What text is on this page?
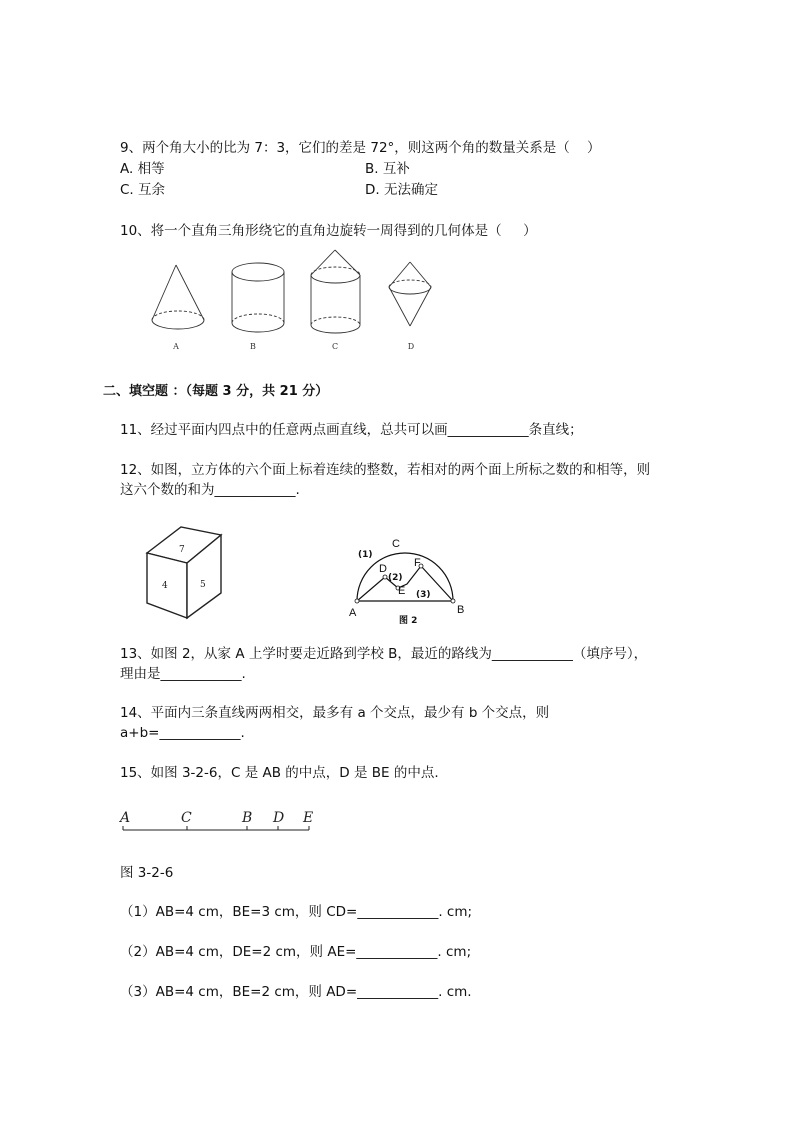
9、两个角大小的比为 7：3，它们的差是 72°，则这两个角的数量关系是（    ）
A. 相等	B. 互补
C. 互余	D. 无法确定
10、将一个直角三角形绕它的直角边旋转一周得到的几何体是（     ）
A	B	C	D
二、填空题 ：（每题 3 分，共 21 分）
11、经过平面内四点中的任意两点画直线，总共可以画____________条直线；
12、如图，立方体的六个面上标着连续的整数，若相对的两个面上所标之数的和相等，则
这六个数的和为____________.
7
4	5
A	B
C
D
E
F
(1)
(2)
(3)
图 2
13、如图 2，从家 A 上学时要走近路到学校 B，最近的路线为____________（填序号），
理由是____________.
14、平面内三条直线两两相交，最多有 a 个交点，最少有 b 个交点，则
a+b=____________.
15、如图 3-2-6，C 是 AB 的中点，D 是 BE 的中点.
A	C	B D E
图 3-2-6
（1）AB=4 cm，BE=3 cm，则 CD=____________. cm;
（2）AB=4 cm，DE=2 cm，则 AE=____________. cm;
（3）AB=4 cm，BE=2 cm，则 AD=____________. cm.
